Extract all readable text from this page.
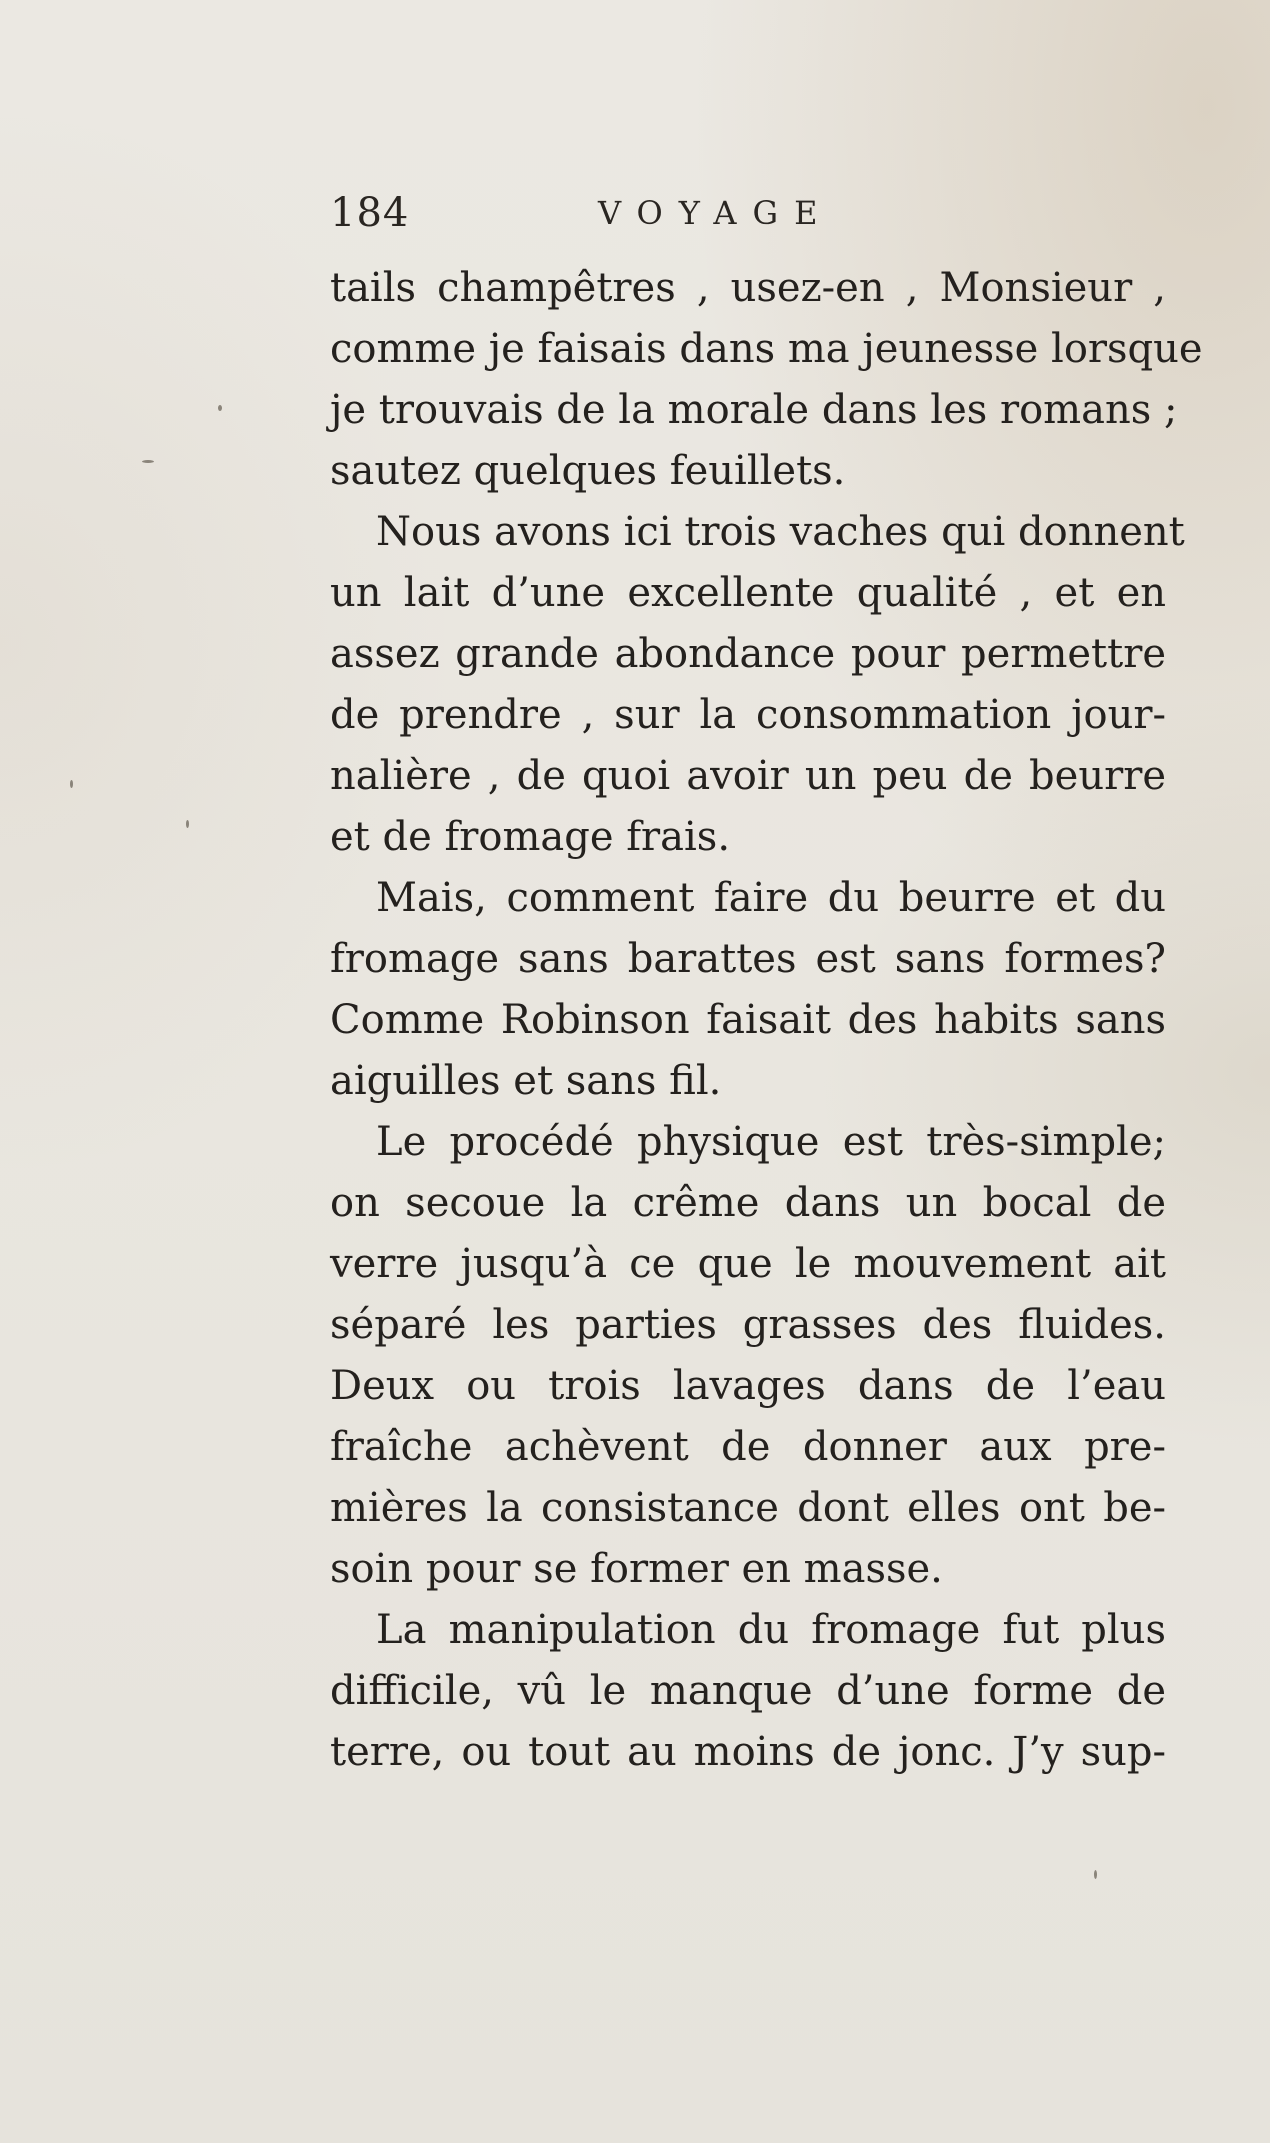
184	VOYAGE
tails champêtres , usez-en , Monsieur ,
comme je faisais dans ma jeunesse lorsque
je trouvais de la morale dans les romans ;
sautez quelques feuillets.
Nous avons ici trois vaches qui donnent
un lait d’une excellente qualité , et en
assez grande abondance pour permettre
de prendre , sur la consommation jour-
nalière , de quoi avoir un peu de beurre
et de fromage frais.
Mais, comment faire du beurre et du
fromage sans barattes est sans formes?
Comme Robinson faisait des habits sans
aiguilles et sans fil.
Le procédé physique est très-simple;
on secoue la crême dans un bocal de
verre jusqu’à ce que le mouvement ait
séparé les parties grasses des fluides.
Deux ou trois lavages dans de l’eau
fraîche achèvent de donner aux pre-
mières la consistance dont elles ont be-
soin pour se former en masse.
La manipulation du fromage fut plus
difficile, vû le manque d’une forme de
terre, ou tout au moins de jonc. J’y sup-
